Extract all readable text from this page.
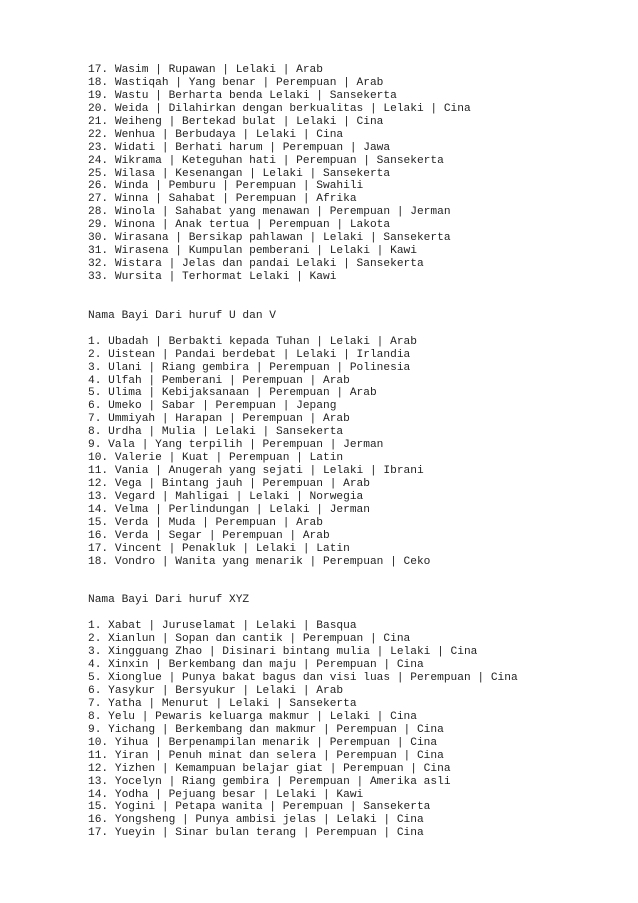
17. Wasim | Rupawan | Lelaki | Arab
18. Wastiqah | Yang benar | Perempuan | Arab
19. Wastu | Berharta benda Lelaki | Sansekerta
20. Weida | Dilahirkan dengan berkualitas | Lelaki | Cina
21. Weiheng | Bertekad bulat | Lelaki | Cina
22. Wenhua | Berbudaya | Lelaki | Cina
23. Widati | Berhati harum | Perempuan | Jawa
24. Wikrama | Keteguhan hati | Perempuan | Sansekerta
25. Wilasa | Kesenangan | Lelaki | Sansekerta
26. Winda | Pemburu | Perempuan | Swahili
27. Winna | Sahabat | Perempuan | Afrika
28. Winola | Sahabat yang menawan | Perempuan | Jerman
29. Winona | Anak tertua | Perempuan | Lakota
30. Wirasana | Bersikap pahlawan | Lelaki | Sansekerta
31. Wirasena | Kumpulan pemberani | Lelaki | Kawi
32. Wistara | Jelas dan pandai Lelaki | Sansekerta
33. Wursita | Terhormat Lelaki | Kawi
Nama Bayi Dari huruf U dan V
1. Ubadah | Berbakti kepada Tuhan | Lelaki | Arab
2. Uistean | Pandai berdebat | Lelaki | Irlandia
3. Ulani | Riang gembira | Perempuan | Polinesia
4. Ulfah | Pemberani | Perempuan | Arab
5. Ulima | Kebijaksanaan | Perempuan | Arab
6. Umeko | Sabar | Perempuan | Jepang
7. Ummiyah | Harapan | Perempuan | Arab
8. Urdha | Mulia | Lelaki | Sansekerta
9. Vala | Yang terpilih | Perempuan | Jerman
10. Valerie | Kuat | Perempuan | Latin
11. Vania | Anugerah yang sejati | Lelaki | Ibrani
12. Vega | Bintang jauh | Perempuan | Arab
13. Vegard | Mahligai | Lelaki | Norwegia
14. Velma | Perlindungan | Lelaki | Jerman
15. Verda | Muda | Perempuan | Arab
16. Verda | Segar | Perempuan | Arab
17. Vincent | Penakluk | Lelaki | Latin
18. Vondro | Wanita yang menarik | Perempuan | Ceko
Nama Bayi Dari huruf XYZ
1. Xabat | Juruselamat | Lelaki | Basqua
2. Xianlun | Sopan dan cantik | Perempuan | Cina
3. Xingguang Zhao | Disinari bintang mulia | Lelaki | Cina
4. Xinxin | Berkembang dan maju | Perempuan | Cina
5. Xionglue | Punya bakat bagus dan visi luas | Perempuan | Cina
6. Yasykur | Bersyukur | Lelaki | Arab
7. Yatha | Menurut | Lelaki | Sansekerta
8. Yelu | Pewaris keluarga makmur | Lelaki | Cina
9. Yichang | Berkembang dan makmur | Perempuan | Cina
10. Yihua | Berpenampilan menarik | Perempuan | Cina
11. Yiran | Penuh minat dan selera | Perempuan | Cina
12. Yizhen | Kemampuan belajar giat | Perempuan | Cina
13. Yocelyn | Riang gembira | Perempuan | Amerika asli
14. Yodha | Pejuang besar | Lelaki | Kawi
15. Yogini | Petapa wanita | Perempuan | Sansekerta
16. Yongsheng | Punya ambisi jelas | Lelaki | Cina
17. Yueyin | Sinar bulan terang | Perempuan | Cina
